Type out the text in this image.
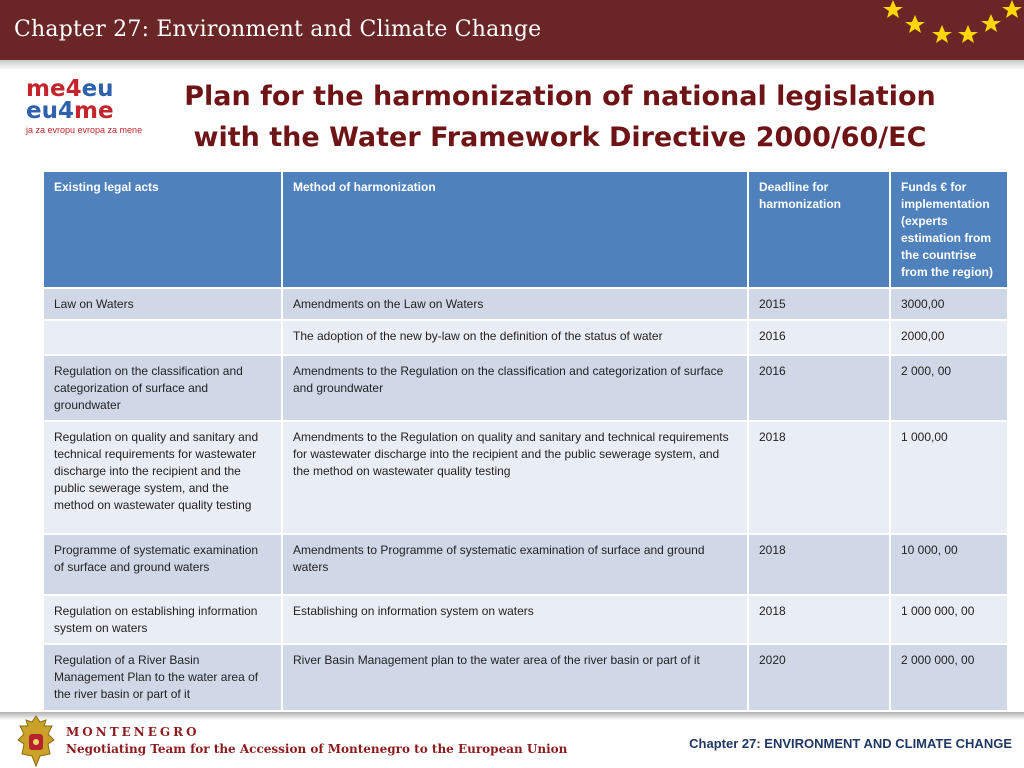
Chapter 27: Environment and Climate Change
me4eu
eu4me
ja za evropu evropa za mene
Plan for the harmonization of national legislation
with the Water Framework Directive 2000/60/EC
Existing legal acts	Method of harmonization	Deadline for harmonization	Funds € for implementation (experts estimation from the countrise from the region)
Law on Waters	Amendments on the Law on Waters	2015	3000,00
	The adoption of the new by-law on the definition of the status of water	2016	2000,00
Regulation on the classification and categorization of surface and groundwater	Amendments to the Regulation on the classification and categorization of surface and groundwater	2016	2 000, 00
Regulation on quality and sanitary and technical requirements for wastewater discharge into the recipient and the public sewerage system, and the method on wastewater quality testing	Amendments to the Regulation on quality and sanitary and technical requirements for wastewater discharge into the recipient and the public sewerage system, and the method on wastewater quality testing	2018	1 000,00
Programme of systematic examination of surface and ground waters	Amendments to Programme of systematic examination of surface and ground waters	2018	10 000, 00
Regulation on establishing information system on waters	Establishing on information system on waters	2018	1 000 000, 00
Regulation of a River Basin Management Plan to the water area of the river basin or part of it	River Basin Management plan to the water area of the river basin or part of it	2020	2 000 000, 00

MONTENEGRO
Negotiating Team for the Accession of Montenegro to the European Union	Chapter 27: ENVIRONMENT AND CLIMATE CHANGE
